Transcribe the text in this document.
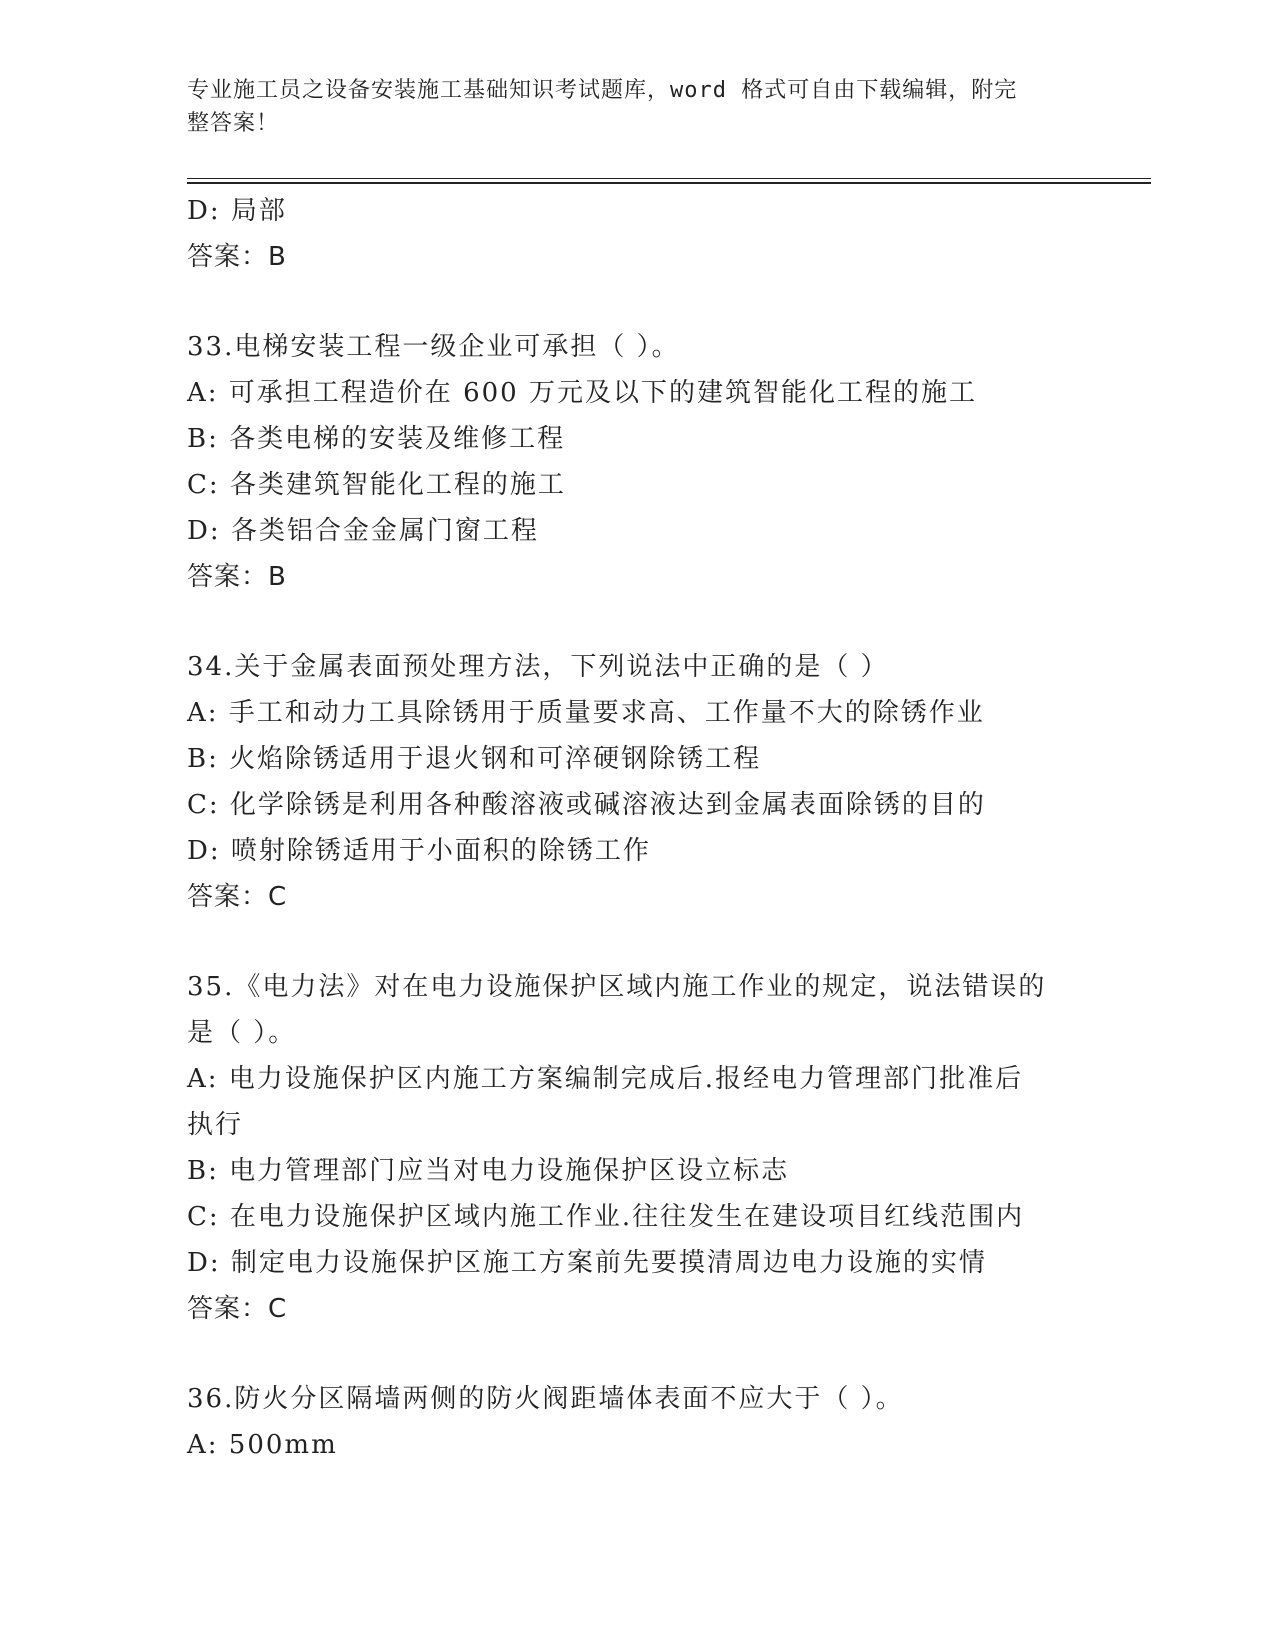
专业施工员之设备安装施工基础知识考试题库，word 格式可自由下载编辑，附完
整答案！
D: 局部
答案：B
33.电梯安装工程一级企业可承担（ ）。
A: 可承担工程造价在 600 万元及以下的建筑智能化工程的施工
B: 各类电梯的安装及维修工程
C: 各类建筑智能化工程的施工
D: 各类铝合金金属门窗工程
答案：B
34.关于金属表面预处理方法，下列说法中正确的是（ ）
A: 手工和动力工具除锈用于质量要求高、工作量不大的除锈作业
B: 火焰除锈适用于退火钢和可淬硬钢除锈工程
C: 化学除锈是利用各种酸溶液或碱溶液达到金属表面除锈的目的
D: 喷射除锈适用于小面积的除锈工作
答案：C
35.《电力法》对在电力设施保护区域内施工作业的规定，说法错误的
是（ ）。
A: 电力设施保护区内施工方案编制完成后.报经电力管理部门批准后
执行
B: 电力管理部门应当对电力设施保护区设立标志
C: 在电力设施保护区域内施工作业.往往发生在建设项目红线范围内
D: 制定电力设施保护区施工方案前先要摸清周边电力设施的实情
答案：C
36.防火分区隔墙两侧的防火阀距墙体表面不应大于（ ）。
A: 500mm
